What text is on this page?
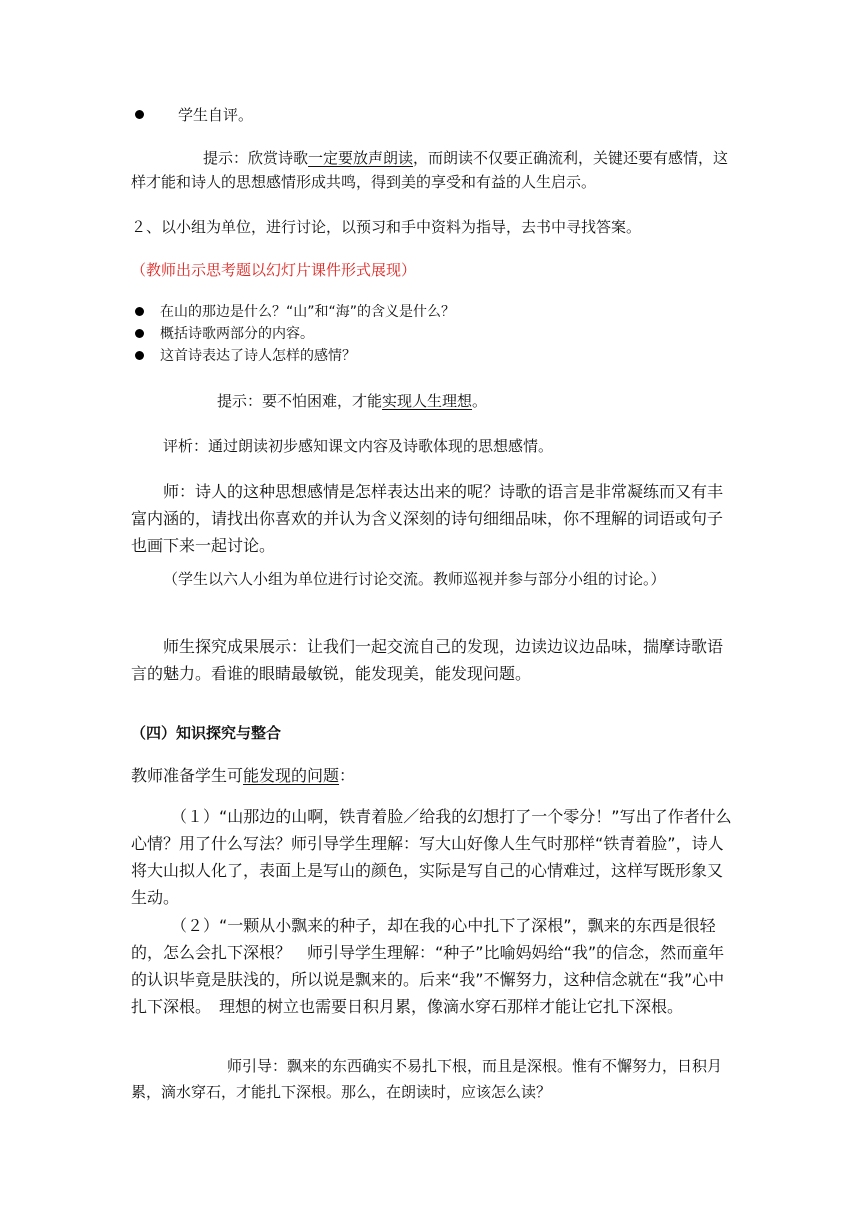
学生自评。
提示：欣赏诗歌一定要放声朗读，而朗读不仅要正确流利，关键还要有感情，这样才能和诗人的思想感情形成共鸣，得到美的享受和有益的人生启示。
２、以小组为单位，进行讨论，以预习和手中资料为指导，去书中寻找答案。
（教师出示思考题以幻灯片课件形式展现）
在山的那边是什么？“山”和“海”的含义是什么？
概括诗歌两部分的内容。
这首诗表达了诗人怎样的感情？
提示：要不怕困难，才能实现人生理想。
评析：通过朗读初步感知课文内容及诗歌体现的思想感情。
师：诗人的这种思想感情是怎样表达出来的呢？诗歌的语言是非常凝练而又有丰富内涵的，请找出你喜欢的并认为含义深刻的诗句细细品味，你不理解的词语或句子也画下来一起讨论。
（学生以六人小组为单位进行讨论交流。教师巡视并参与部分小组的讨论。）
师生探究成果展示：让我们一起交流自己的发现，边读边议边品味，揣摩诗歌语言的魅力。看谁的眼睛最敏锐，能发现美，能发现问题。
（四）知识探究与整合
教师准备学生可能发现的问题：
（１）“山那边的山啊，铁青着脸／给我的幻想打了一个零分！”写出了作者什么心情？用了什么写法？师引导学生理解：写大山好像人生气时那样“铁青着脸”，诗人将大山拟人化了，表面上是写山的颜色，实际是写自己的心情难过，这样写既形象又生动。
（２）“一颗从小飘来的种子，却在我的心中扎下了深根”，飘来的东西是很轻的，怎么会扎下深根？　师引导学生理解：“种子”比喻妈妈给“我”的信念，然而童年的认识毕竟是肤浅的，所以说是飘来的。后来“我”不懈努力，这种信念就在“我”心中扎下深根。　理想的树立也需要日积月累，像滴水穿石那样才能让它扎下深根。
师引导：飘来的东西确实不易扎下根，而且是深根。惟有不懈努力，日积月累，滴水穿石，才能扎下深根。那么，在朗读时，应该怎么读？
